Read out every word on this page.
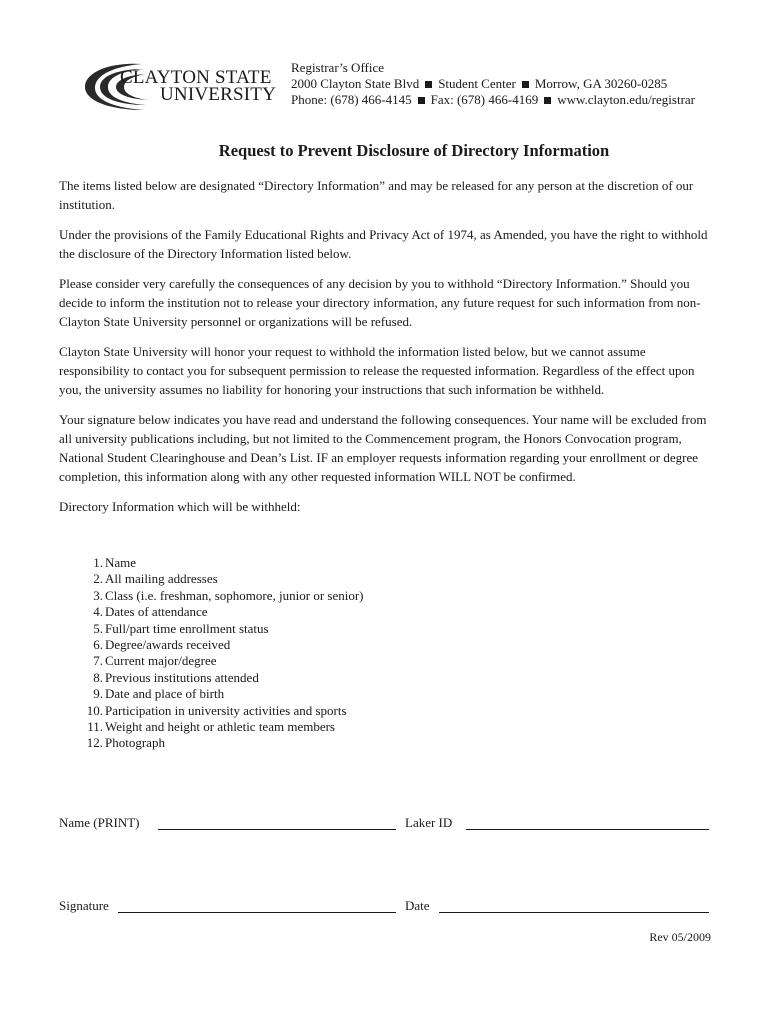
CLAYTON STATE
UNIVERSITY
Registrar’s Office
2000 Clayton State Blvd Student Center Morrow, GA 30260-0285
Phone: (678) 466-4145 Fax: (678) 466-4169 www.clayton.edu/registrar
Request to Prevent Disclosure of Directory Information

The items listed below are designated “Directory Information” and may be released for any person at the discretion of our institution.

Under the provisions of the Family Educational Rights and Privacy Act of 1974, as Amended, you have the right to withhold the disclosure of the Directory Information listed below.

Please consider very carefully the consequences of any decision by you to withhold “Directory Information.” Should you decide to inform the institution not to release your directory information, any future request for such information from non-Clayton State University personnel or organizations will be refused.

Clayton State University will honor your request to withhold the information listed below, but we cannot assume responsibility to contact you for subsequent permission to release the requested information. Regardless of the effect upon you, the university assumes no liability for honoring your instructions that such information be withheld.

Your signature below indicates you have read and understand the following consequences. Your name will be excluded from all university publications including, but not limited to the Commencement program, the Honors Convocation program, National Student Clearinghouse and Dean’s List. IF an employer requests information regarding your enrollment or degree completion, this information along with any other requested information WILL NOT be confirmed.

Directory Information which will be withheld:

1. Name
2. All mailing addresses
3. Class (i.e. freshman, sophomore, junior or senior)
4. Dates of attendance
5. Full/part time enrollment status
6. Degree/awards received
7. Current major/degree
8. Previous institutions attended
9. Date and place of birth
10. Participation in university activities and sports
11. Weight and height or athletic team members
12. Photograph
Name (PRINT)	Laker ID
Signature	Date
Rev 05/2009
